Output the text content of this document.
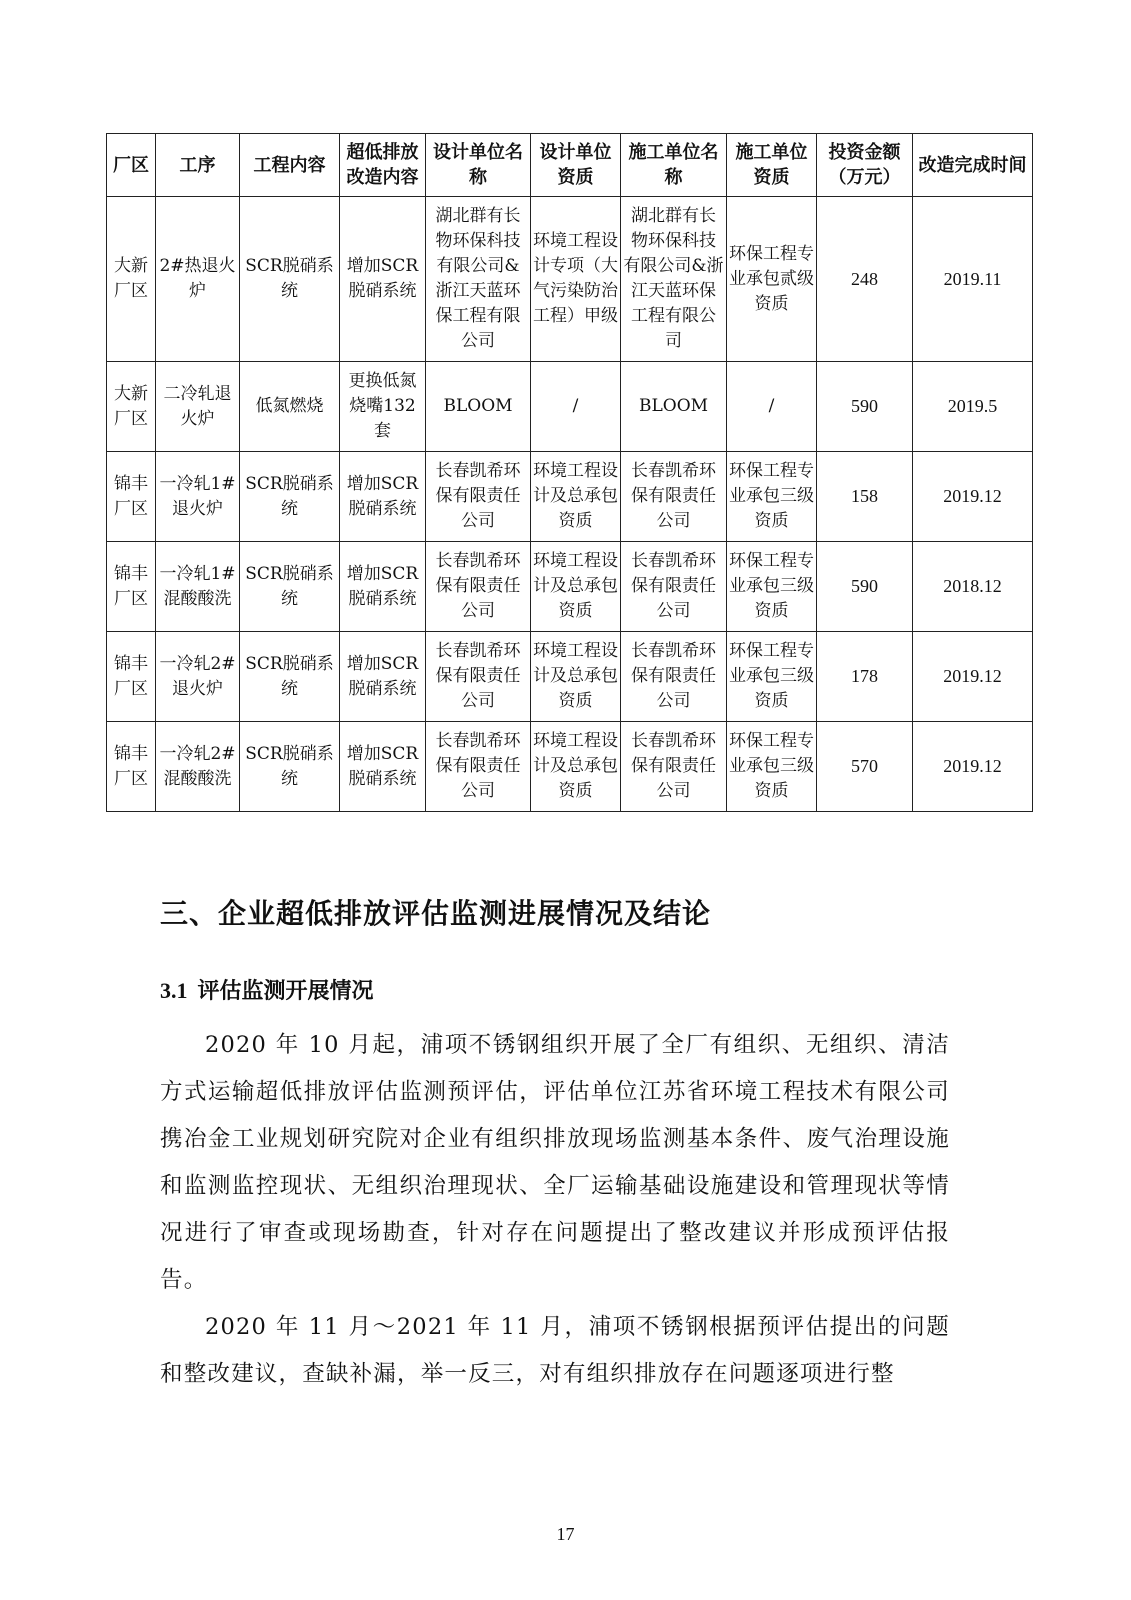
厂区	工序	工程内容	超低排放改造内容	设计单位名称	设计单位资质	施工单位名称	施工单位资质	投资金额（万元）	改造完成时间
大新厂区	2#热退火炉	SCR脱硝系统	增加SCR脱硝系统	湖北群有长物环保科技有限公司&浙江天蓝环保工程有限公司	环境工程设计专项（大气污染防治工程）甲级	湖北群有长物环保科技有限公司&浙江天蓝环保工程有限公司	环保工程专业承包贰级资质	248	2019.11
大新厂区	二冷轧退火炉	低氮燃烧	更换低氮烧嘴132套	BLOOM	/	BLOOM	/	590	2019.5
锦丰厂区	一冷轧1#退火炉	SCR脱硝系统	增加SCR脱硝系统	长春凯希环保有限责任公司	环境工程设计及总承包资质	长春凯希环保有限责任公司	环保工程专业承包三级资质	158	2019.12
锦丰厂区	一冷轧1#混酸酸洗	SCR脱硝系统	增加SCR脱硝系统	长春凯希环保有限责任公司	环境工程设计及总承包资质	长春凯希环保有限责任公司	环保工程专业承包三级资质	590	2018.12
锦丰厂区	一冷轧2#退火炉	SCR脱硝系统	增加SCR脱硝系统	长春凯希环保有限责任公司	环境工程设计及总承包资质	长春凯希环保有限责任公司	环保工程专业承包三级资质	178	2019.12
锦丰厂区	一冷轧2#混酸酸洗	SCR脱硝系统	增加SCR脱硝系统	长春凯希环保有限责任公司	环境工程设计及总承包资质	长春凯希环保有限责任公司	环保工程专业承包三级资质	570	2019.12
三、企业超低排放评估监测进展情况及结论
3.1 评估监测开展情况

2020 年 10 月起，浦项不锈钢组织开展了全厂有组织、无组织、清洁方式运输超低排放评估监测预评估，评估单位江苏省环境工程技术有限公司携冶金工业规划研究院对企业有组织排放现场监测基本条件、废气治理设施和监测监控现状、无组织治理现状、全厂运输基础设施建设和管理现状等情况进行了审查或现场勘查，针对存在问题提出了整改建议并形成预评估报告。

2020 年 11 月～2021 年 11 月，浦项不锈钢根据预评估提出的问题和整改建议，查缺补漏，举一反三，对有组织排放存在问题逐项进行整

17
